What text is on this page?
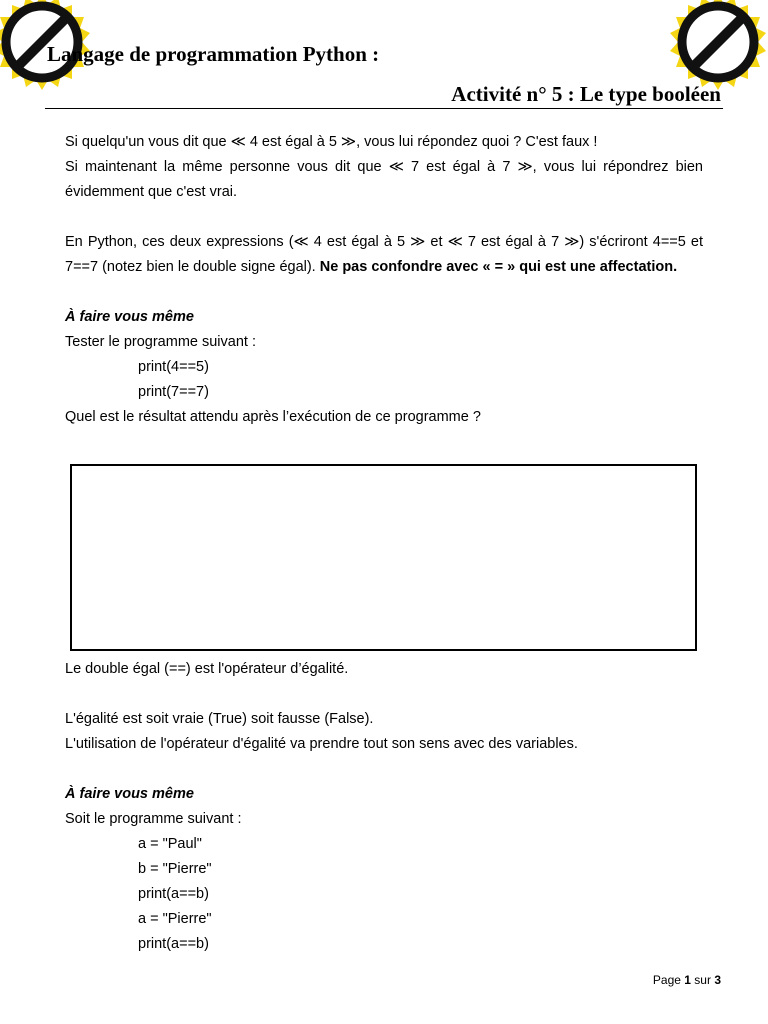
Langage de programmation Python :
Activité n° 5 : Le type booléen

Si quelqu'un vous dit que ≪ 4 est égal à 5 ≫, vous lui répondez quoi ? C'est faux !

Si maintenant la même personne vous dit que ≪ 7 est égal à 7 ≫, vous lui répondrez bien évidemment que c'est vrai.

En Python, ces deux expressions (≪ 4 est égal à 5 ≫ et ≪ 7 est égal à 7 ≫) s'écriront 4==5 et 7==7 (notez bien le double signe égal). Ne pas confondre avec « = » qui est une affectation.

À faire vous même
Tester le programme suivant :
print(4==5)
print(7==7)
Quel est le résultat attendu après l’exécution de ce programme ?
Le double égal (==) est l'opérateur d’égalité.
L'égalité est soit vraie (True) soit fausse (False).
L'utilisation de l'opérateur d'égalité va prendre tout son sens avec des variables.
À faire vous même
Soit le programme suivant :
a = "Paul"
b = "Pierre"
print(a==b)
a = "Pierre"
print(a==b)
Page 1 sur 3
